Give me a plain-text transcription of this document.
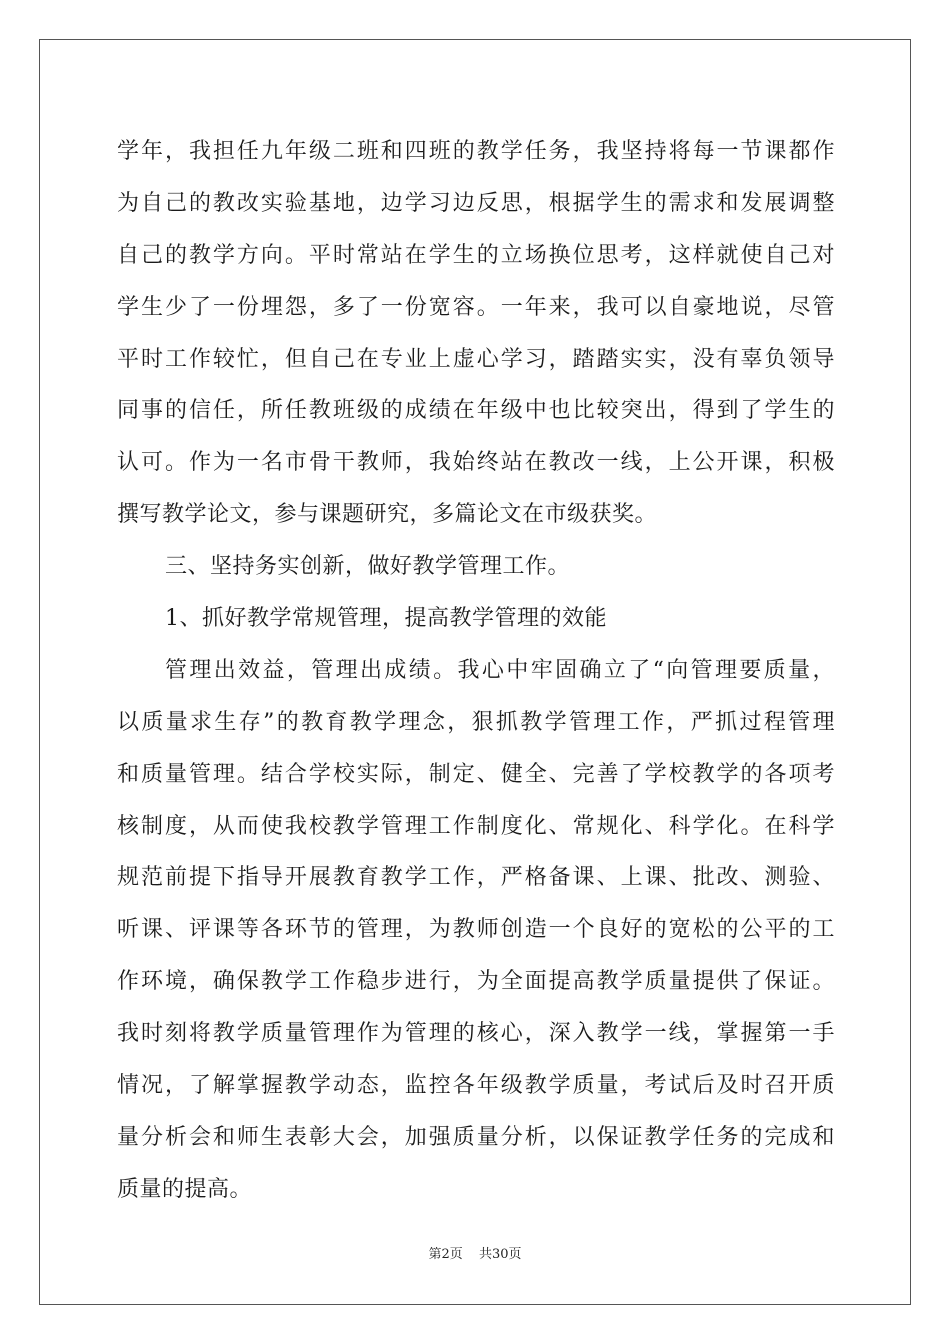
学年，我担任九年级二班和四班的教学任务，我坚持将每一节课都作
为自己的教改实验基地，边学习边反思，根据学生的需求和发展调整
自己的教学方向。平时常站在学生的立场换位思考，这样就使自己对
学生少了一份埋怨，多了一份宽容。一年来，我可以自豪地说，尽管
平时工作较忙，但自己在专业上虚心学习，踏踏实实，没有辜负领导
同事的信任，所任教班级的成绩在年级中也比较突出，得到了学生的
认可。作为一名市骨干教师，我始终站在教改一线，上公开课，积极
撰写教学论文，参与课题研究，多篇论文在市级获奖。
三、坚持务实创新，做好教学管理工作。
1、抓好教学常规管理，提高教学管理的效能
管理出效益，管理出成绩。我心中牢固确立了“向管理要质量，
以质量求生存”的教育教学理念，狠抓教学管理工作，严抓过程管理
和质量管理。结合学校实际，制定、健全、完善了学校教学的各项考
核制度，从而使我校教学管理工作制度化、常规化、科学化。在科学
规范前提下指导开展教育教学工作，严格备课、上课、批改、测验、
听课、评课等各环节的管理，为教师创造一个良好的宽松的公平的工
作环境，确保教学工作稳步进行，为全面提高教学质量提供了保证。
我时刻将教学质量管理作为管理的核心，深入教学一线，掌握第一手
情况，了解掌握教学动态，监控各年级教学质量，考试后及时召开质
量分析会和师生表彰大会，加强质量分析，以保证教学任务的完成和
质量的提高。
第2页 共30页
